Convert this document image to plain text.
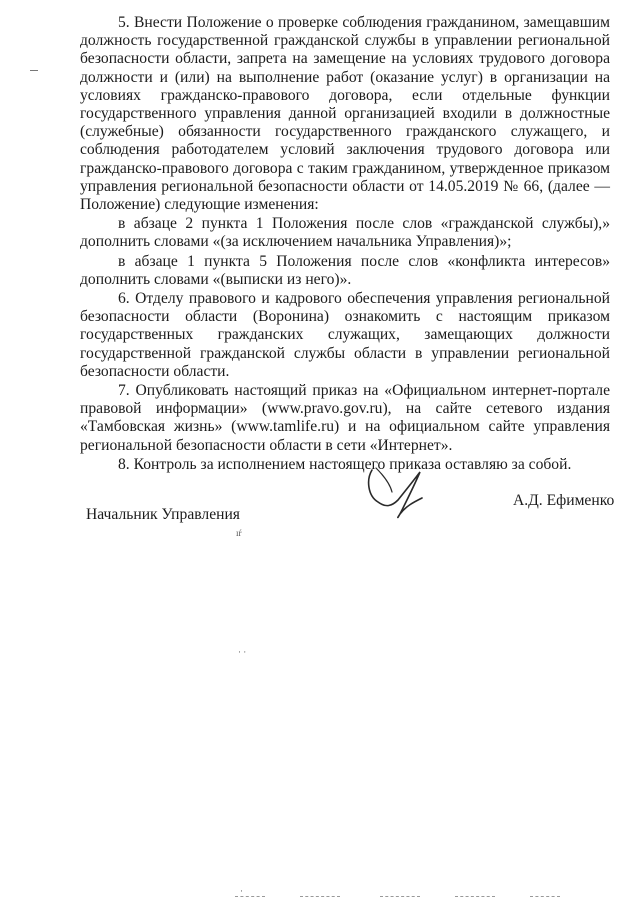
5. Внести Положение о проверке соблюдения гражданином, замещавшим должность государственной гражданской службы в управлении региональной безопасности области, запрета на замещение на условиях трудового договора должности и (или) на выполнение работ (оказание услуг) в организации на условиях гражданско-правового договора, если отдельные функции государственного управления данной организацией входили в должностные (служебные) обязанности государственного гражданского служащего, и соблюдения работодателем условий заключения трудового договора или гражданско-правового договора с таким гражданином, утвержденное приказом управления региональной безопасности области от 14.05.2019 № 66, (далее — Положение) следующие изменения:

в абзаце 2 пункта 1 Положения после слов «гражданской службы),» дополнить словами «(за исключением начальника Управления)»;

в абзаце 1 пункта 5 Положения после слов «конфликта интересов» дополнить словами «(выписки из него)».

6. Отделу правового и кадрового обеспечения управления региональной безопасности области (Воронина) ознакомить с настоящим приказом государственных гражданских служащих, замещающих должности государственной гражданской службы области в управлении региональной безопасности области.

7. Опубликовать настоящий приказ на «Официальном интернет-портале правовой информации» (www.pravo.gov.ru), на сайте сетевого издания «Тамбовская жизнь» (www.tamlife.ru) и на официальном сайте управления региональной безопасности области в сети «Интернет».

8. Контроль за исполнением настоящего приказа оставляю за собой.

Начальник Управления
А.Д. Ефименко
ıŕ
· ·
·
